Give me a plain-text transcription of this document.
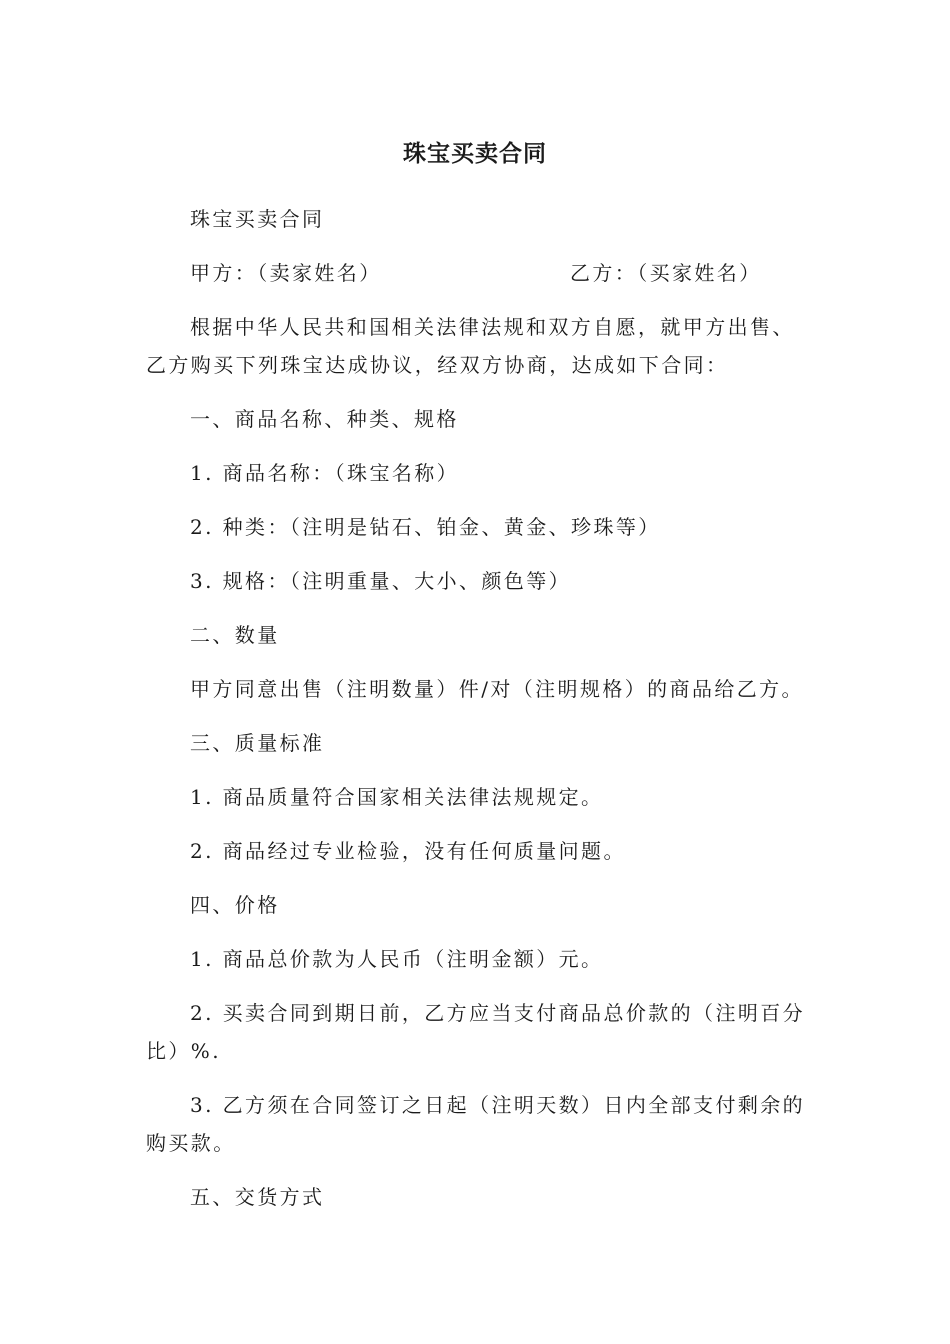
珠宝买卖合同

珠宝买卖合同

甲方：（卖家姓名）	乙方：（买家姓名）

根据中华人民共和国相关法律法规和双方自愿，就甲方出售、乙方购买下列珠宝达成协议，经双方协商，达成如下合同：

一、商品名称、种类、规格

1. 商品名称：（珠宝名称）

2. 种类：（注明是钻石、铂金、黄金、珍珠等）

3. 规格：（注明重量、大小、颜色等）

二、数量

甲方同意出售（注明数量）件/对（注明规格）的商品给乙方。

三、质量标准

1. 商品质量符合国家相关法律法规规定。

2. 商品经过专业检验，没有任何质量问题。

四、价格

1. 商品总价款为人民币（注明金额）元。

2. 买卖合同到期日前，乙方应当支付商品总价款的（注明百分比）%.

3. 乙方须在合同签订之日起（注明天数）日内全部支付剩余的购买款。

五、交货方式
